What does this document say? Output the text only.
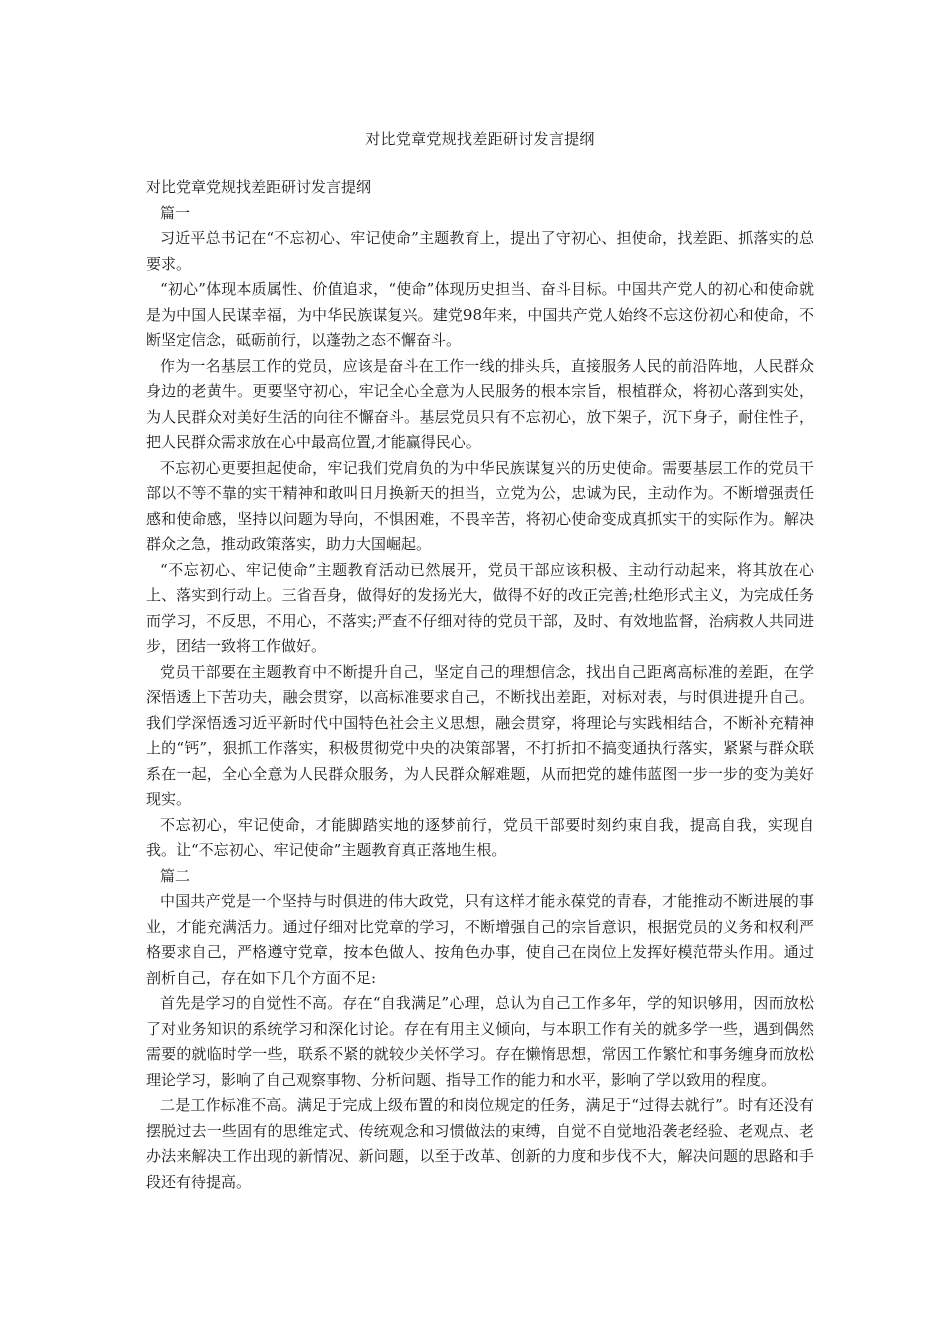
对比党章党规找差距研讨发言提纲

对比党章党规找差距研讨发言提纲

篇一

习近平总书记在“不忘初心、牢记使命”主题教育上，提出了守初心、担使命，找差距、抓落实的总要求。

“初心”体现本质属性、价值追求，“使命”体现历史担当、奋斗目标。中国共产党人的初心和使命就是为中国人民谋幸福，为中华民族谋复兴。建党98年来，中国共产党人始终不忘这份初心和使命，不断坚定信念，砥砺前行，以蓬勃之态不懈奋斗。

作为一名基层工作的党员，应该是奋斗在工作一线的排头兵，直接服务人民的前沿阵地，人民群众身边的老黄牛。更要坚守初心，牢记全心全意为人民服务的根本宗旨，根植群众，将初心落到实处，为人民群众对美好生活的向往不懈奋斗。基层党员只有不忘初心，放下架子，沉下身子，耐住性子，把人民群众需求放在心中最高位置,才能赢得民心。

不忘初心更要担起使命，牢记我们党肩负的为中华民族谋复兴的历史使命。需要基层工作的党员干部以不等不靠的实干精神和敢叫日月换新天的担当，立党为公，忠诚为民，主动作为。不断增强责任感和使命感，坚持以问题为导向，不惧困难，不畏辛苦，将初心使命变成真抓实干的实际作为。解决群众之急，推动政策落实，助力大国崛起。

“不忘初心、牢记使命”主题教育活动已然展开，党员干部应该积极、主动行动起来，将其放在心上、落实到行动上。三省吾身，做得好的发扬光大，做得不好的改正完善;杜绝形式主义，为完成任务而学习，不反思，不用心，不落实;严查不仔细对待的党员干部，及时、有效地监督，治病救人共同进步，团结一致将工作做好。

党员干部要在主题教育中不断提升自己，坚定自己的理想信念，找出自己距离高标准的差距，在学深悟透上下苦功夫，融会贯穿，以高标准要求自己，不断找出差距，对标对表，与时俱进提升自己。我们学深悟透习近平新时代中国特色社会主义思想，融会贯穿，将理论与实践相结合，不断补充精神上的“钙”，狠抓工作落实，积极贯彻党中央的决策部署，不打折扣不搞变通执行落实，紧紧与群众联系在一起，全心全意为人民群众服务，为人民群众解难题，从而把党的雄伟蓝图一步一步的变为美好现实。

不忘初心，牢记使命，才能脚踏实地的逐梦前行，党员干部要时刻约束自我，提高自我，实现自我。让“不忘初心、牢记使命”主题教育真正落地生根。

篇二

中国共产党是一个坚持与时俱进的伟大政党，只有这样才能永葆党的青春，才能推动不断进展的事业，才能充满活力。通过仔细对比党章的学习，不断增强自己的宗旨意识，根据党员的义务和权利严格要求自己，严格遵守党章，按本色做人、按角色办事，使自己在岗位上发挥好模范带头作用。通过剖析自己，存在如下几个方面不足:

首先是学习的自觉性不高。存在“自我满足”心理，总认为自己工作多年，学的知识够用，因而放松了对业务知识的系统学习和深化讨论。存在有用主义倾向，与本职工作有关的就多学一些，遇到偶然需要的就临时学一些，联系不紧的就较少关怀学习。存在懒惰思想，常因工作繁忙和事务缠身而放松理论学习，影响了自己观察事物、分析问题、指导工作的能力和水平，影响了学以致用的程度。

二是工作标准不高。满足于完成上级布置的和岗位规定的任务，满足于“过得去就行”。时有还没有摆脱过去一些固有的思维定式、传统观念和习惯做法的束缚，自觉不自觉地沿袭老经验、老观点、老办法来解决工作出现的新情况、新问题，以至于改革、创新的力度和步伐不大，解决问题的思路和手段还有待提高。
